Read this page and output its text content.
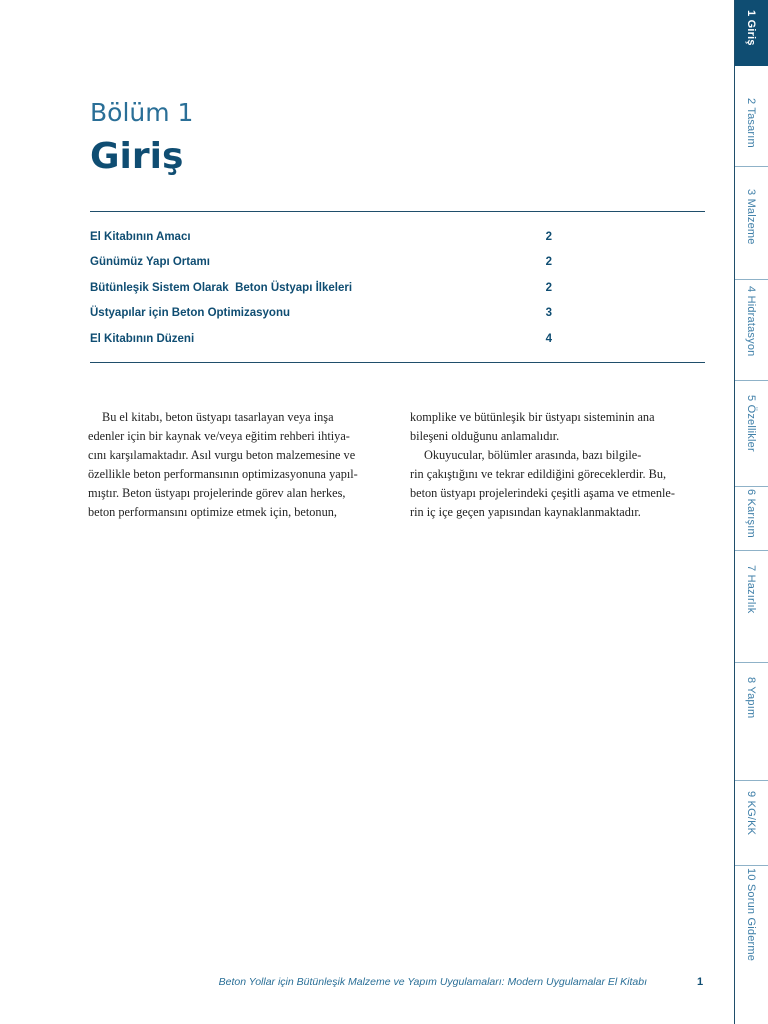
Bölüm 1
Giriş
El Kitabının Amacı	2
Günümüz Yapı Ortamı	2
Bütünleşik Sistem Olarak  Beton Üstyapı İlkeleri	2
Üstyapılar için Beton Optimizasyonu	3
El Kitabının Düzeni	4

Bu el kitabı, beton üstyapı tasarlayan veya inşa
edenler için bir kaynak ve/veya eğitim rehberi ihtiya-
cını karşılamaktadır. Asıl vurgu beton malzemesine ve
özellikle beton performansının optimizasyonuna yapıl-
mıştır. Beton üstyapı projelerinde görev alan herkes,
beton performansını optimize etmek için, betonun,

komplike ve bütünleşik bir üstyapı sisteminin ana
bileşeni olduğunu anlamalıdır.

Okuyucular, bölümler arasında, bazı bilgile-
rin çakıştığını ve tekrar edildiğini göreceklerdir. Bu,
beton üstyapı projelerindeki çeşitli aşama ve etmenle-
rin iç içe geçen yapısından kaynaklanmaktadır.

Beton Yollar için Bütünleşik Malzeme ve Yapım Uygulamaları: Modern Uygulamalar El Kitabı	1
1 Giriş
2 Tasarım
3 Malzeme
4 Hidratasyon
5 Özellikler
6 Karışım
7 Hazırlık
8 Yapım
9 KG/KK
10 Sorun Giderme
